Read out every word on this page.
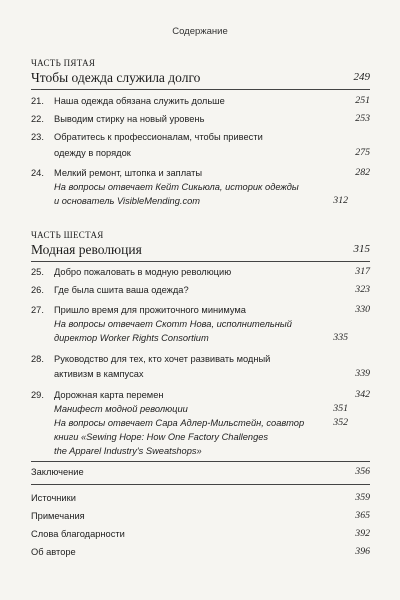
Содержание
ЧАСТЬ ПЯТАЯ
Чтобы одежда служила долго	249
21. Наша одежда обязана служить дольше	251
22. Выводим стирку на новый уровень	253
23. Обратитесь к профессионалам, чтобы привести
одежду в порядок	275
24. Мелкий ремонт, штопка и заплаты	282
На вопросы отвечает Кейт Сикьюла, историк одежды
и основатель VisibleMending.com	312
ЧАСТЬ ШЕСТАЯ
Модная революция	315
25. Добро пожаловать в модную революцию	317
26. Где была сшита ваша одежда?	323
27. Пришло время для прожиточного минимума	330
На вопросы отвечает Скотт Нова, исполнительный
директор Worker Rights Consortium	335
28. Руководство для тех, кто хочет развивать модный
активизм в кампусах	339
29. Дорожная карта перемен	342
Манифест модной революции	351
На вопросы отвечает Сара Адлер-Мильстейн, соавтор	352
книги «Sewing Hope: How One Factory Challenges
the Apparel Industry's Sweatshops»
Заключение	356
Источники	359
Примечания	365
Слова благодарности	392
Об авторе	396
